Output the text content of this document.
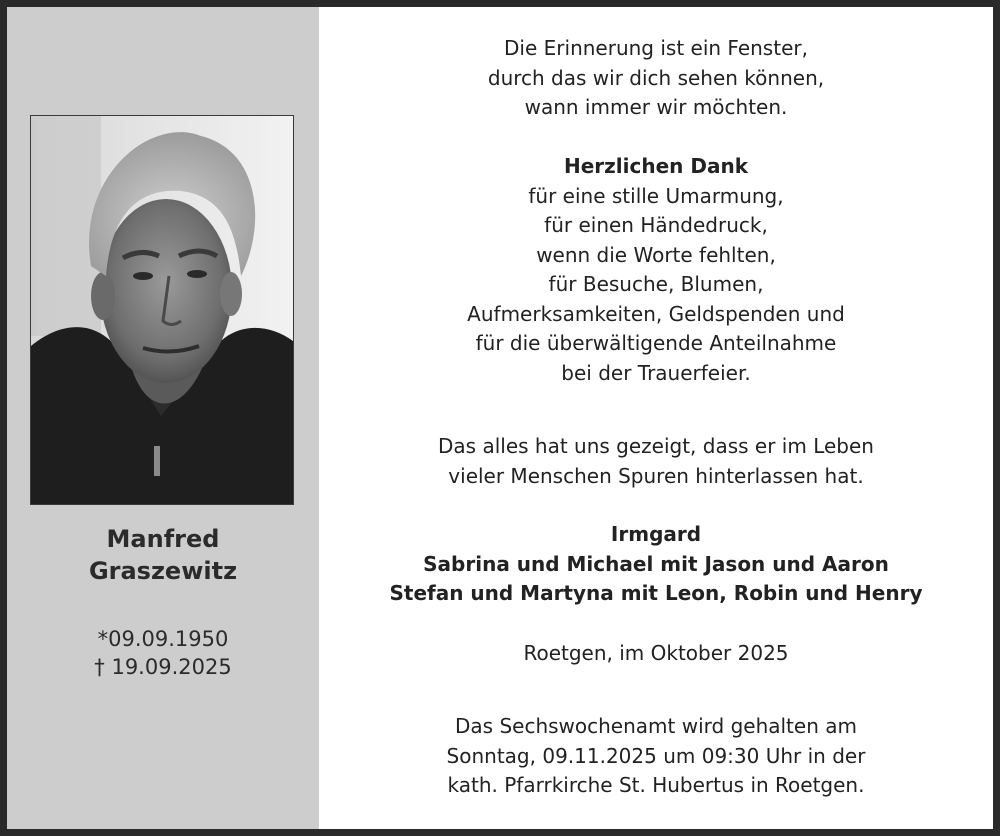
Manfred
Graszewitz
*09.09.1950
† 19.09.2025
Die Erinnerung ist ein Fenster,
durch das wir dich sehen können,
wann immer wir möchten.
Herzlichen Dank
für eine stille Umarmung,
für einen Händedruck,
wenn die Worte fehlten,
für Besuche, Blumen,
Aufmerksamkeiten, Geldspenden und
für die überwältigende Anteilnahme
bei der Trauerfeier.
Das alles hat uns gezeigt, dass er im Leben
vieler Menschen Spuren hinterlassen hat.
Irmgard
Sabrina und Michael mit Jason und Aaron
Stefan und Martyna mit Leon, Robin und Henry
Roetgen, im Oktober 2025
Das Sechswochenamt wird gehalten am
Sonntag, 09.11.2025 um 09:30 Uhr in der
kath. Pfarrkirche St. Hubertus in Roetgen.
